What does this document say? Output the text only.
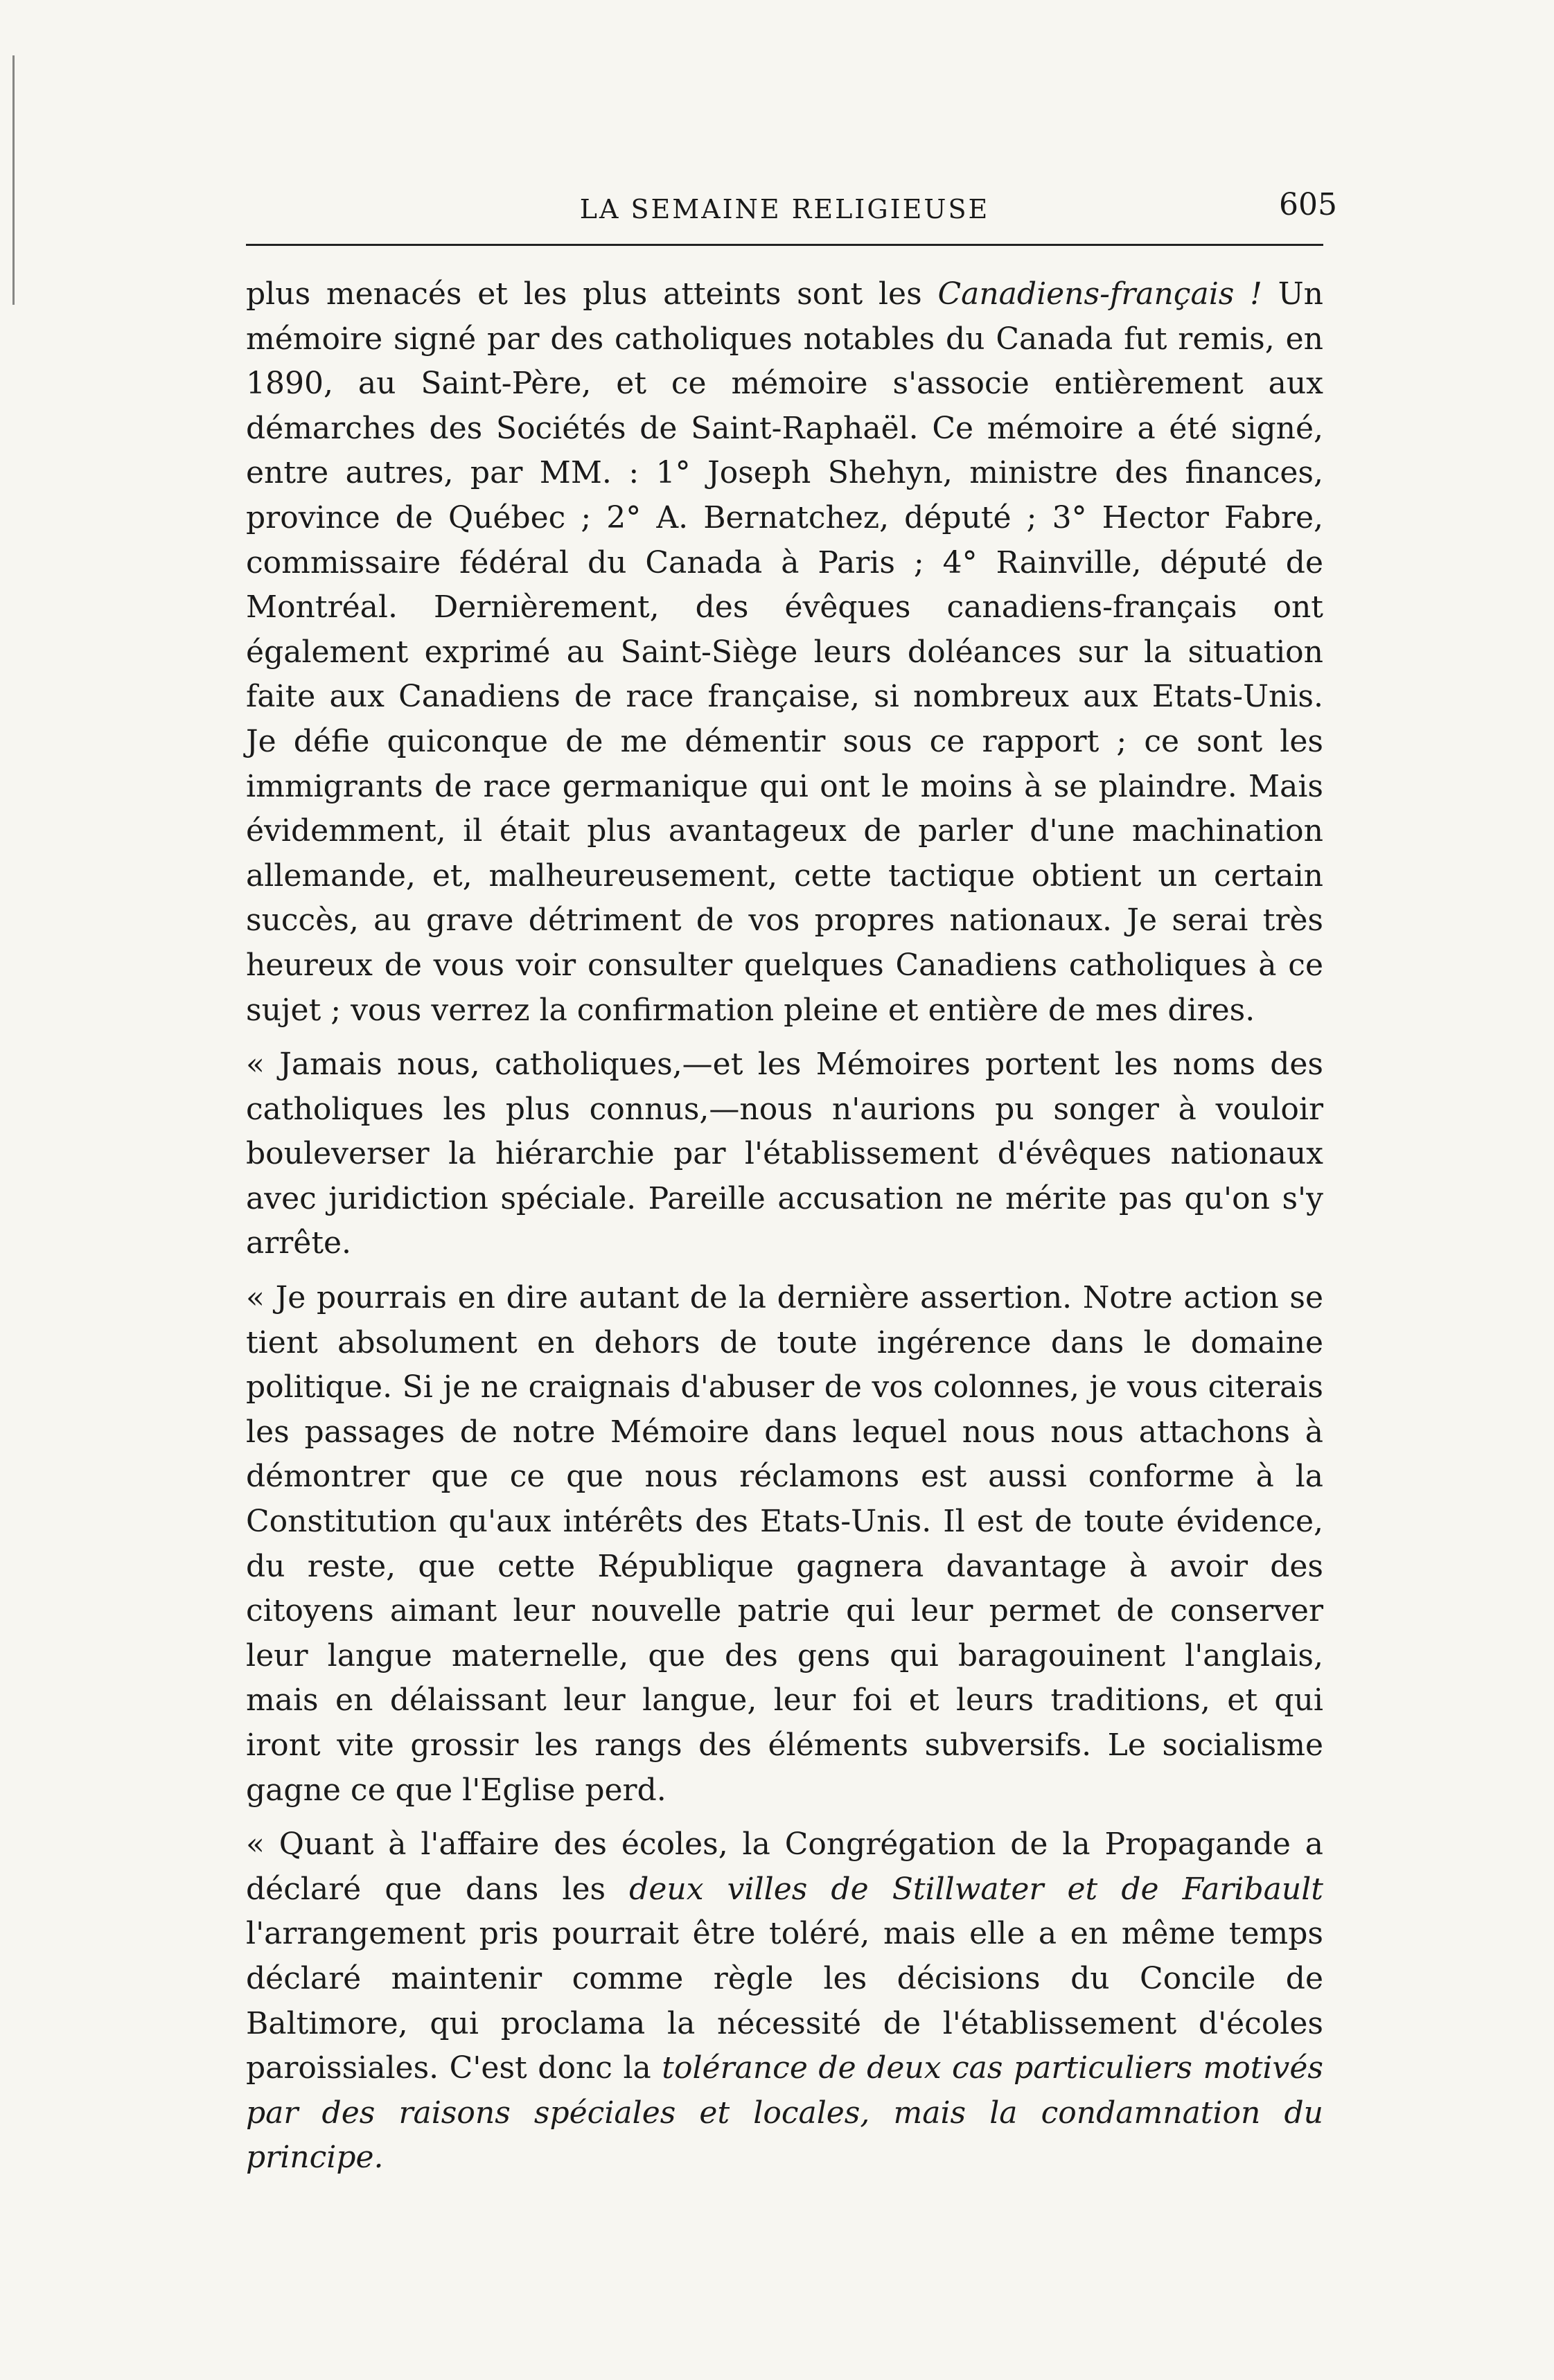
LA SEMAINE RELIGIEUSE	605

plus menacés et les plus atteints sont les Canadiens-français ! Un mémoire signé par des catholiques notables du Canada fut remis, en 1890, au Saint-Père, et ce mémoire s'associe entièrement aux démarches des Sociétés de Saint-Raphaël. Ce mémoire a été signé, entre autres, par MM. : 1° Joseph Shehyn, ministre des finances, province de Québec ; 2° A. Bernatchez, député ; 3° Hector Fabre, commissaire fédéral du Canada à Paris ; 4° Rainville, député de Montréal. Dernièrement, des évêques canadiens-français ont également exprimé au Saint-Siège leurs doléances sur la situation faite aux Canadiens de race française, si nombreux aux Etats-Unis. Je défie quiconque de me démentir sous ce rapport ; ce sont les immigrants de race germanique qui ont le moins à se plaindre. Mais évidemment, il était plus avantageux de parler d'une machination allemande, et, malheureusement, cette tactique obtient un certain succès, au grave détriment de vos propres nationaux. Je serai très heureux de vous voir consulter quelques Canadiens catholiques à ce sujet ; vous verrez la confirmation pleine et entière de mes dires.

« Jamais nous, catholiques,—et les Mémoires portent les noms des catholiques les plus connus,—nous n'aurions pu songer à vouloir bouleverser la hiérarchie par l'établissement d'évêques nationaux avec juridiction spéciale. Pareille accusation ne mérite pas qu'on s'y arrête.

« Je pourrais en dire autant de la dernière assertion. Notre action se tient absolument en dehors de toute ingérence dans le domaine politique. Si je ne craignais d'abuser de vos colonnes, je vous citerais les passages de notre Mémoire dans lequel nous nous attachons à démontrer que ce que nous réclamons est aussi conforme à la Constitution qu'aux intérêts des Etats-Unis. Il est de toute évidence, du reste, que cette République gagnera davantage à avoir des citoyens aimant leur nouvelle patrie qui leur permet de conserver leur langue maternelle, que des gens qui baragouinent l'anglais, mais en délaissant leur langue, leur foi et leurs traditions, et qui iront vite grossir les rangs des éléments subversifs. Le socialisme gagne ce que l'Eglise perd.

« Quant à l'affaire des écoles, la Congrégation de la Propagande a déclaré que dans les deux villes de Stillwater et de Faribault l'arrangement pris pourrait être toléré, mais elle a en même temps déclaré maintenir comme règle les décisions du Concile de Baltimore, qui proclama la nécessité de l'établissement d'écoles paroissiales. C'est donc la tolérance de deux cas particuliers motivés par des raisons spéciales et locales, mais la condamnation du principe.
